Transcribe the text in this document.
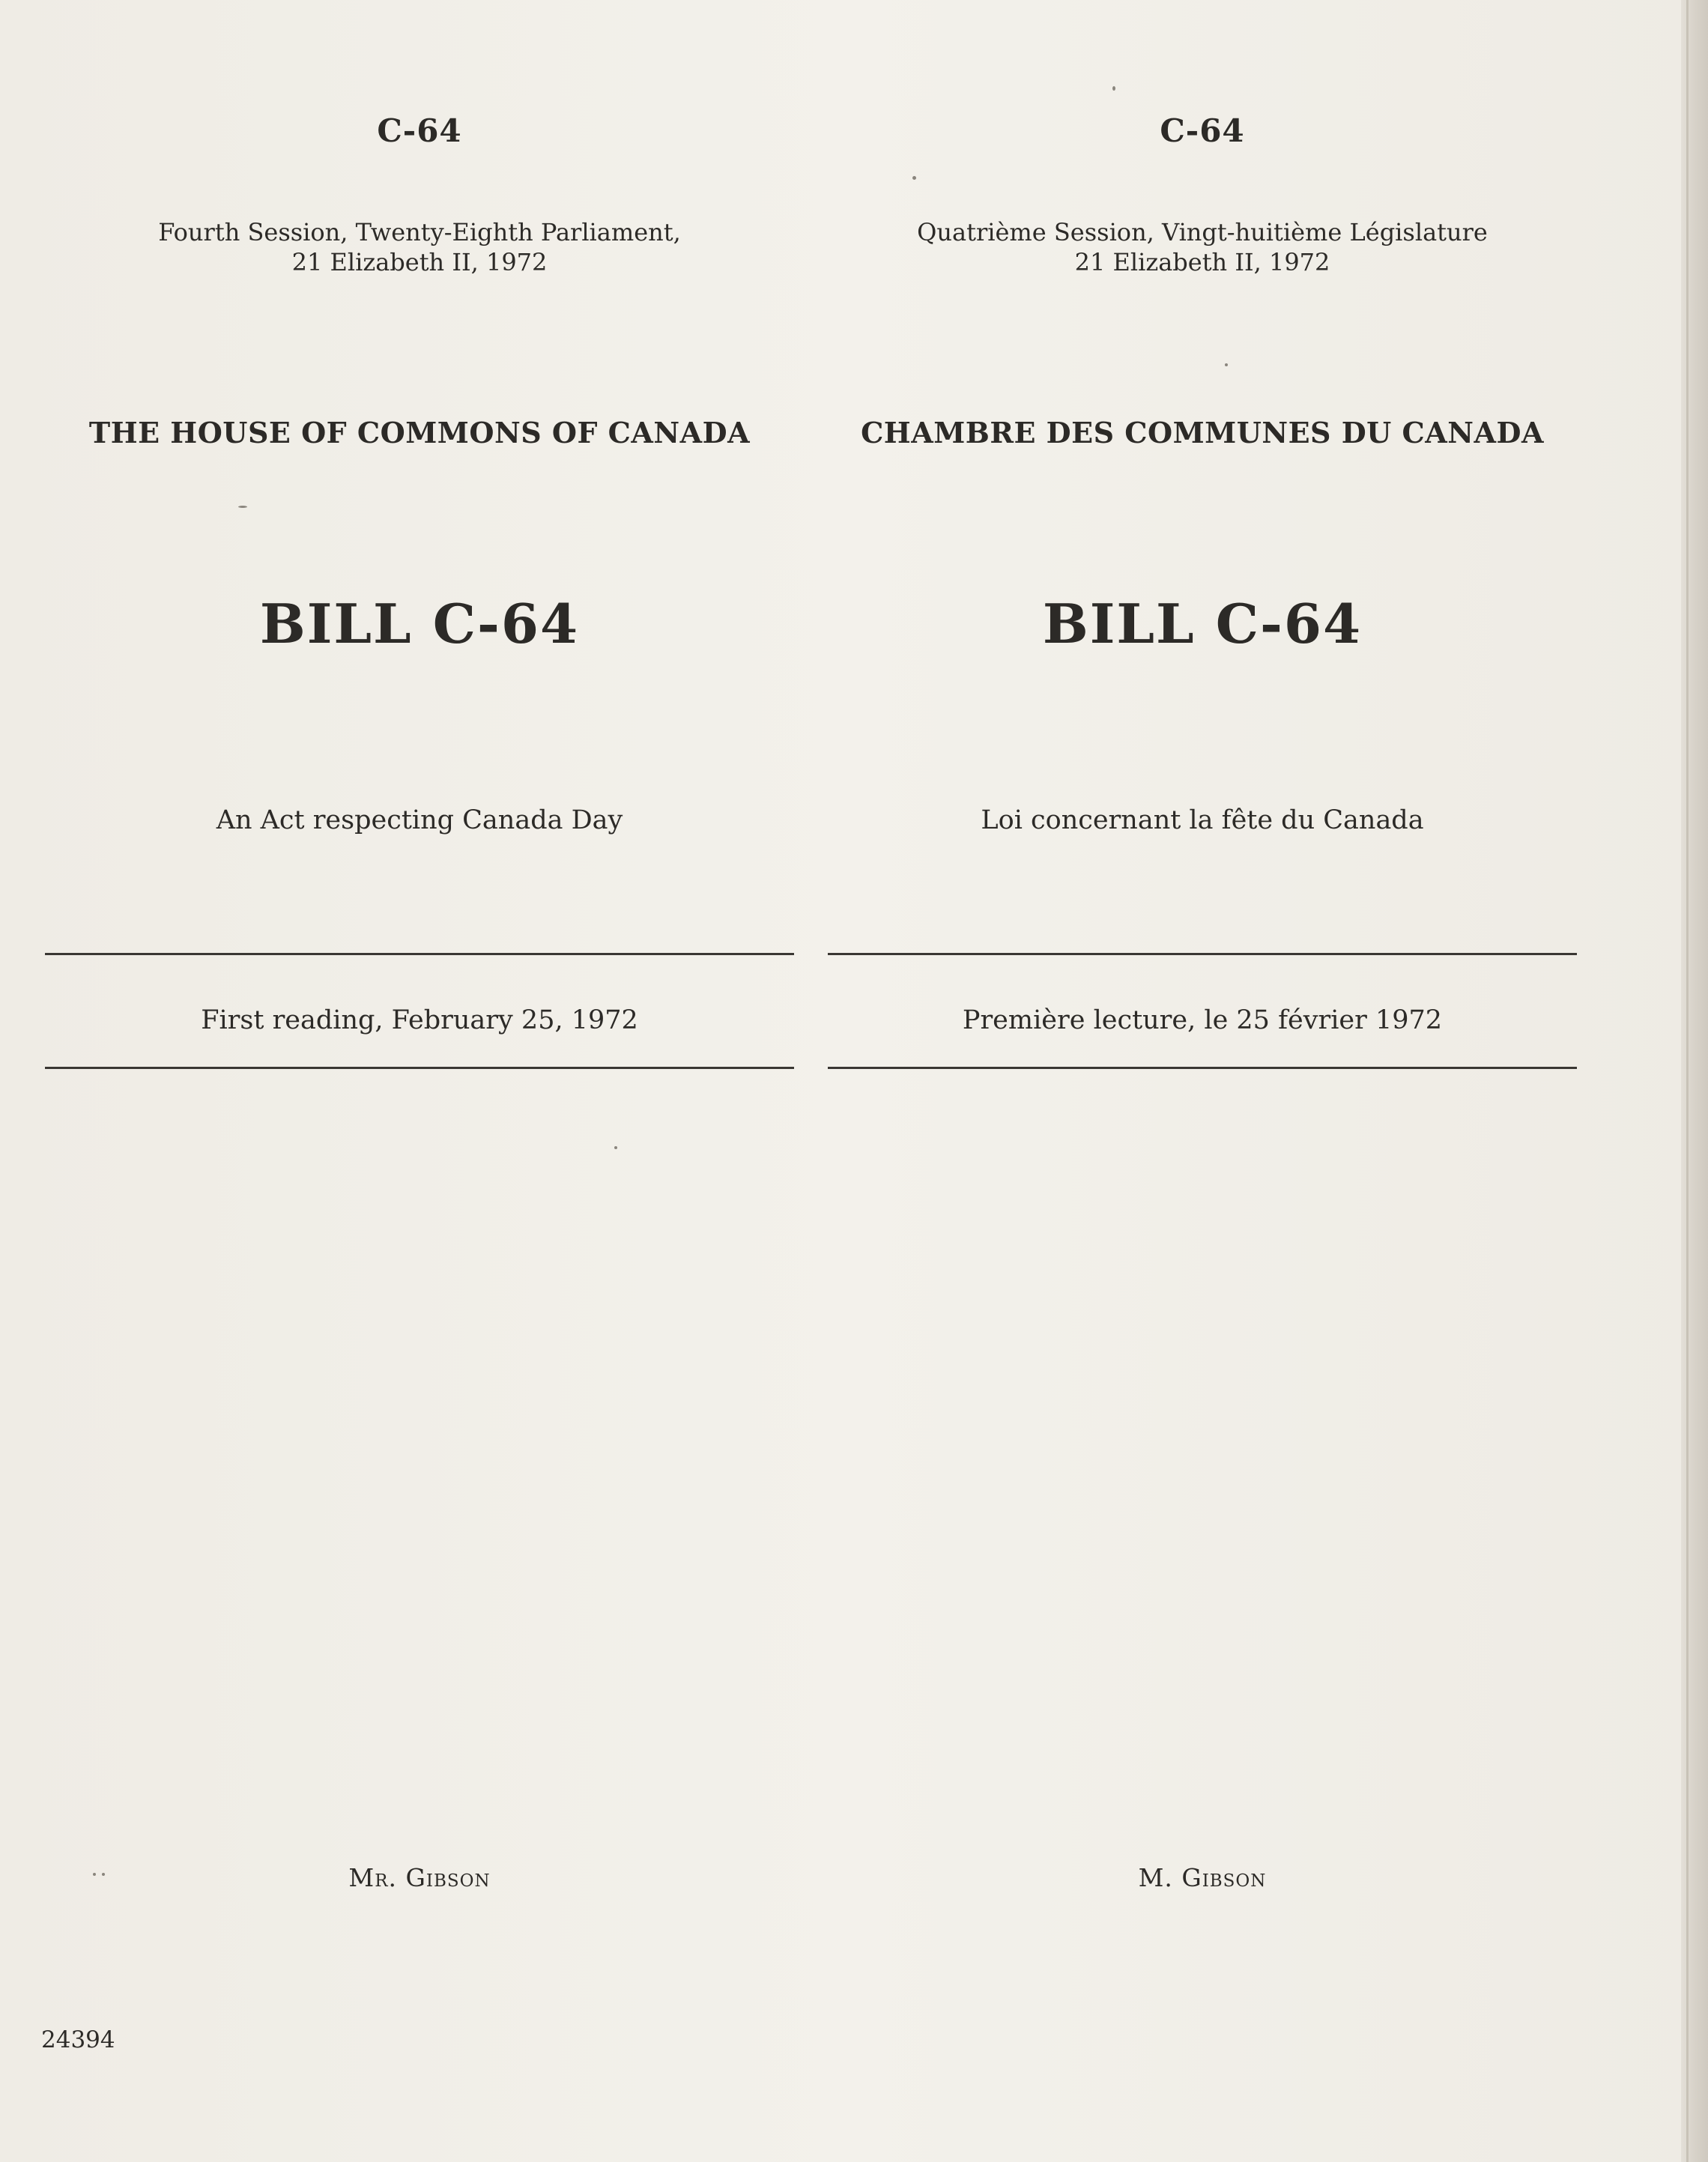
C-64
Fourth Session, Twenty-Eighth Parliament,
21 Elizabeth II, 1972
THE HOUSE OF COMMONS OF CANADA
BILL C-64
An Act respecting Canada Day
First reading, February 25, 1972
Mr. Gibson
C-64
Quatrième Session, Vingt-huitième Législature
21 Elizabeth II, 1972
CHAMBRE DES COMMUNES DU CANADA
BILL C-64
Loi concernant la fête du Canada
Première lecture, le 25 février 1972
M. Gibson
24394
